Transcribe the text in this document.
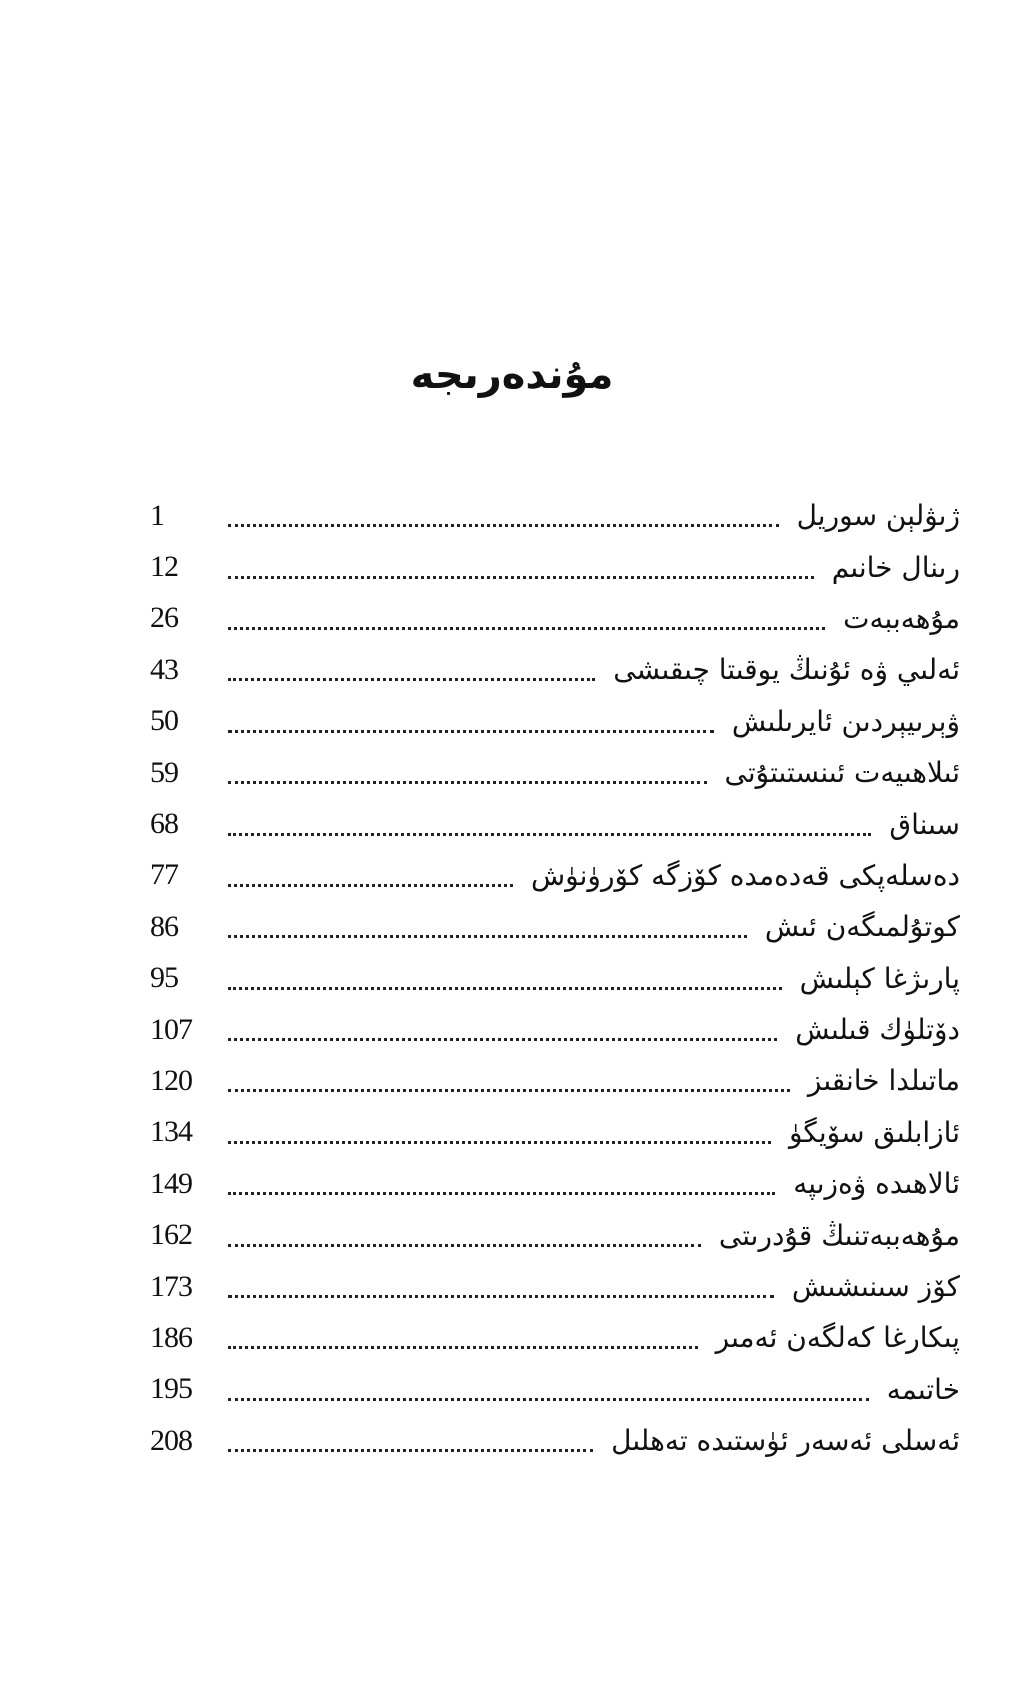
مۇندەرىجە
1	ژىۋلېن سوريل
12	رىنال خانىم
26	مۇھەببەت
43	ئەلىي ۋە ئۇنىڭ يوقىتا چىقىشى
50	ۋېرىيېردىن ئايرىلىش
59	ئىلاھىيەت ئىنستىتۇتى
68	سىناق
77	دەسلەپكى قەدەمدە كۆزگە كۆرۈنۈش
86	كوتۇلمىگەن ئىش
95	پارىژغا كېلىش
107	دۆتلۈك قىلىش
120	ماتىلدا خانقىز
134	ئازابلىق سۆيگۈ
149	ئالاھىدە ۋەزىپە
162	مۇھەببەتنىڭ قۇدرىتى
173	كۆز سىنىشىش
186	پىكارغا كەلگەن ئەمىر
195	خاتىمە
208	ئەسلى ئەسەر ئۈستىدە تەھلىل
